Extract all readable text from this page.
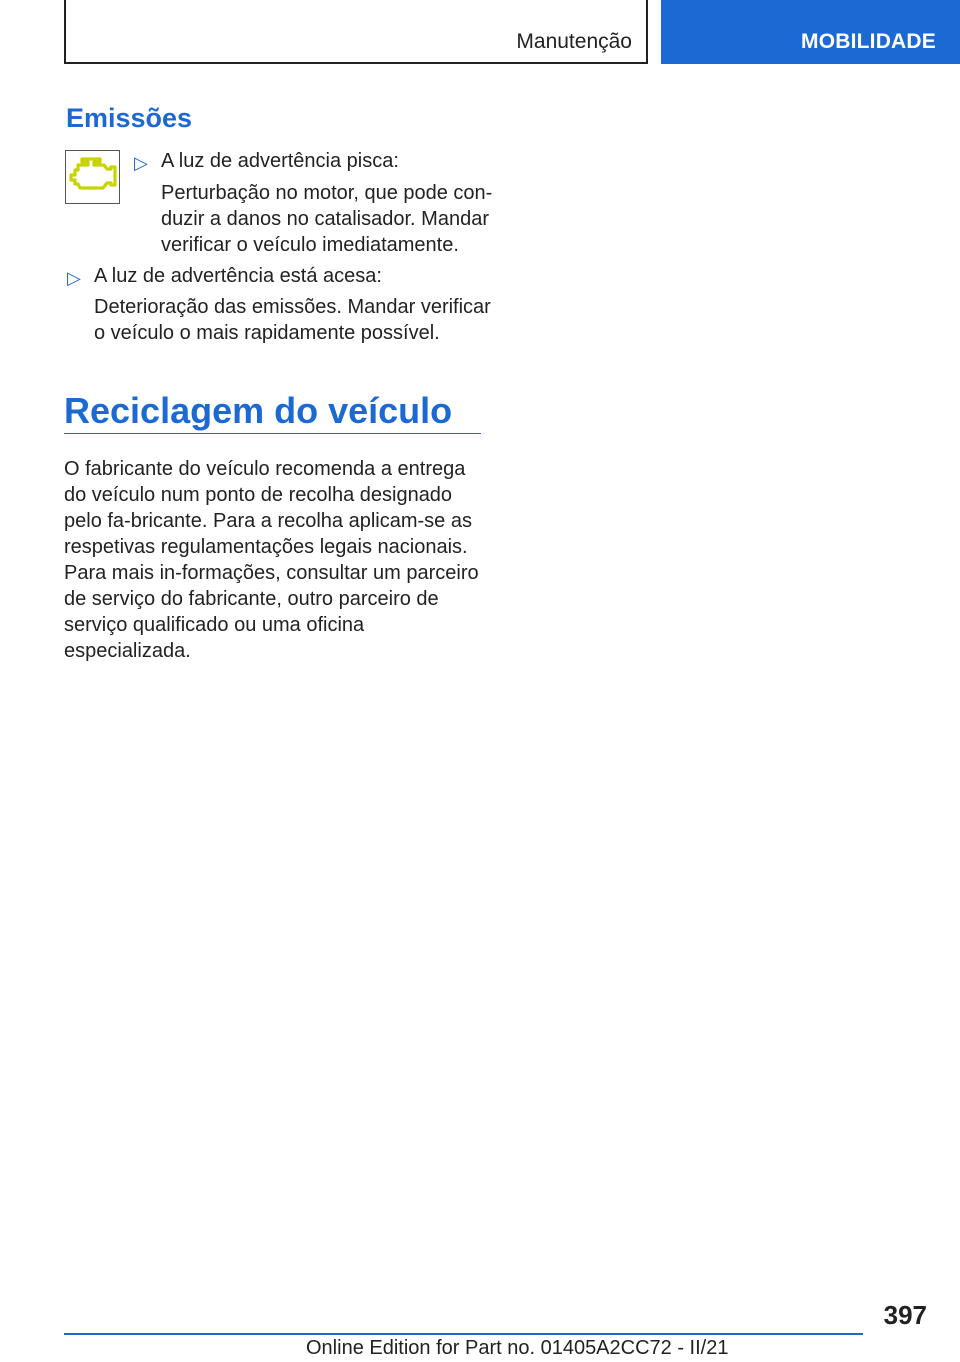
Manutenção	MOBILIDADE
Emissões
▷ A luz de advertência pisca:
Perturbação no motor, que pode con-
duzir a danos no catalisador. Mandar
verificar o veículo imediatamente.
▷ A luz de advertência está acesa:
Deterioração das emissões. Mandar verificar
o veículo o mais rapidamente possível.
Reciclagem do veículo
O fabricante do veículo recomenda a entrega do veículo num ponto de recolha designado pelo fa-bricante. Para a recolha aplicam-se as respetivas regulamentações legais nacionais. Para mais in-formações, consultar um parceiro de serviço do fabricante, outro parceiro de serviço qualificado ou uma oficina especializada.
397
Online Edition for Part no. 01405A2CC72 - II/21
